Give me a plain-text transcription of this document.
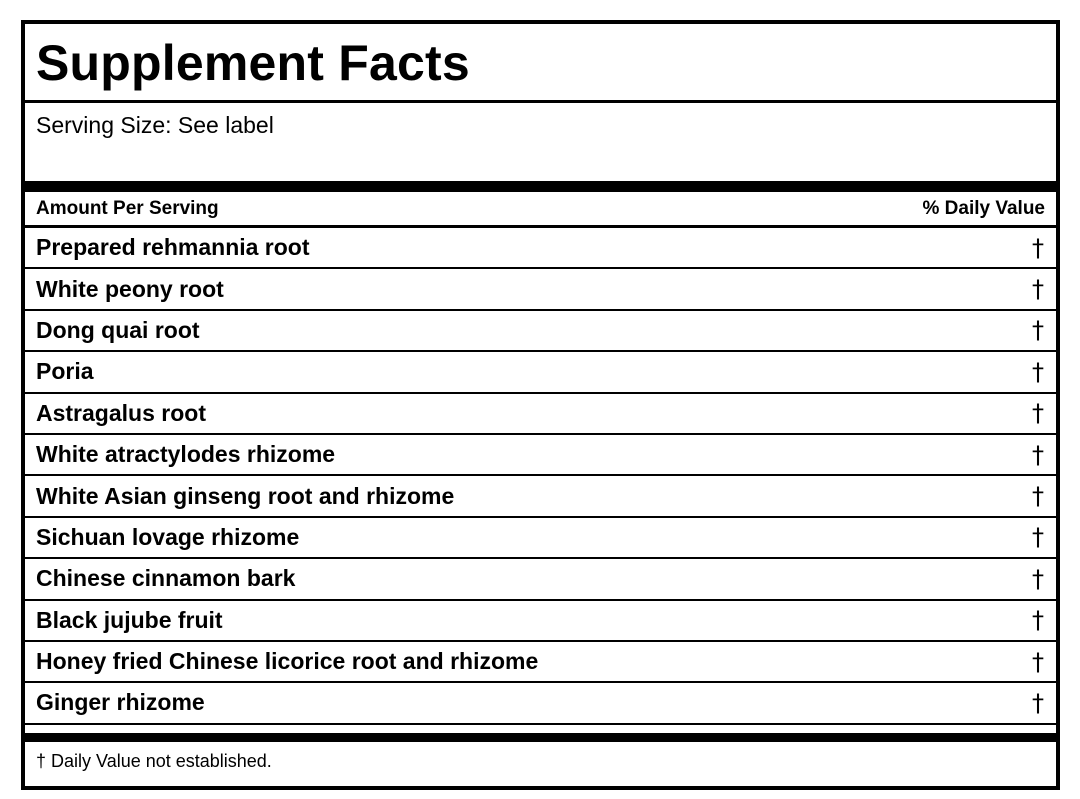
Supplement Facts
Serving Size: See label
Amount Per Serving	% Daily Value
Prepared rehmannia root	†
White peony root	†
Dong quai root	†
Poria	†
Astragalus root	†
White atractylodes rhizome	†
White Asian ginseng root and rhizome	†
Sichuan lovage rhizome	†
Chinese cinnamon bark	†
Black jujube fruit	†
Honey fried Chinese licorice root and rhizome	†
Ginger rhizome	†
† Daily Value not established.
